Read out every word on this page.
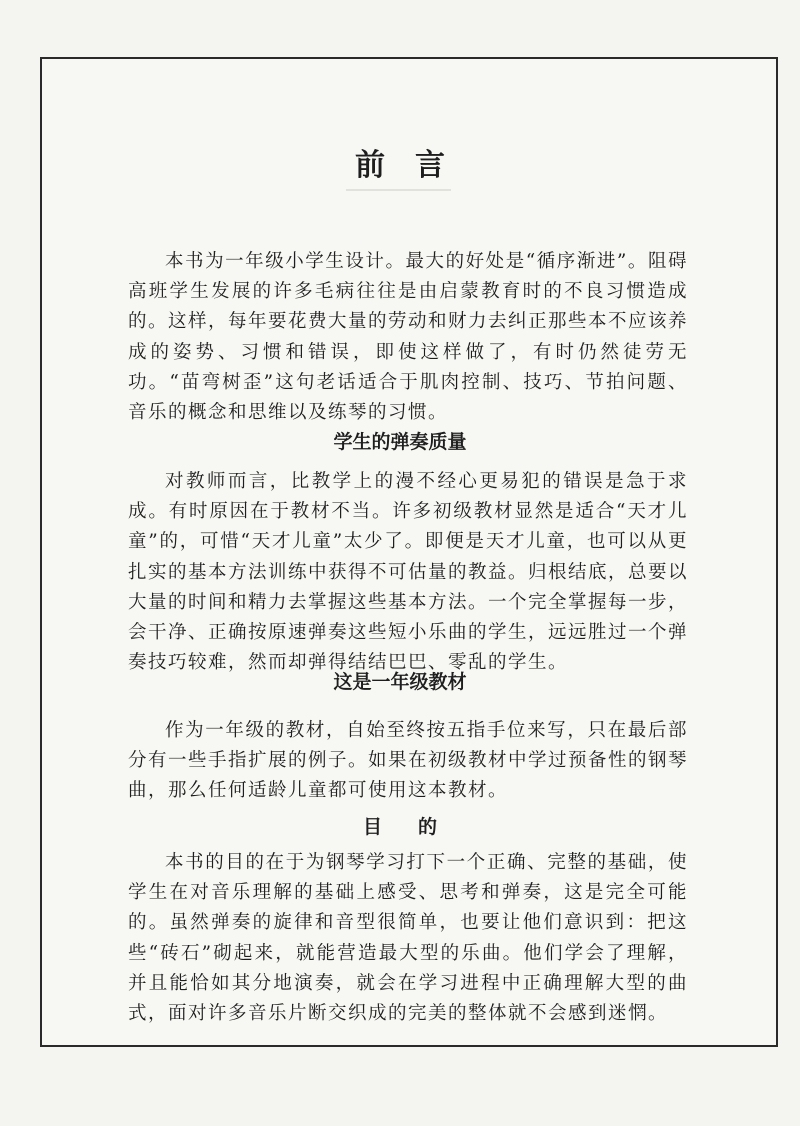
前言

本书为一年级小学生设计。最大的好处是“循序渐进”。阻碍高班学生发展的许多毛病往往是由启蒙教育时的不良习惯造成的。这样，每年要花费大量的劳动和财力去纠正那些本不应该养成的姿势、习惯和错误，即使这样做了，有时仍然徒劳无功。“苗弯树歪”这句老话适合于肌肉控制、技巧、节拍问题、音乐的概念和思维以及练琴的习惯。

学生的弹奏质量

对教师而言，比教学上的漫不经心更易犯的错误是急于求成。有时原因在于教材不当。许多初级教材显然是适合“天才儿童”的，可惜“天才儿童”太少了。即便是天才儿童，也可以从更扎实的基本方法训练中获得不可估量的教益。归根结底，总要以大量的时间和精力去掌握这些基本方法。一个完全掌握每一步，会干净、正确按原速弹奏这些短小乐曲的学生，远远胜过一个弹奏技巧较难，然而却弹得结结巴巴、零乱的学生。

这是一年级教材

作为一年级的教材，自始至终按五指手位来写，只在最后部分有一些手指扩展的例子。如果在初级教材中学过预备性的钢琴曲，那么任何适龄儿童都可使用这本教材。

目的

本书的目的在于为钢琴学习打下一个正确、完整的基础，使学生在对音乐理解的基础上感受、思考和弹奏，这是完全可能的。虽然弹奏的旋律和音型很简单，也要让他们意识到：把这些“砖石”砌起来，就能营造最大型的乐曲。他们学会了理解，并且能恰如其分地演奏，就会在学习进程中正确理解大型的曲式，面对许多音乐片断交织成的完美的整体就不会感到迷惘。
